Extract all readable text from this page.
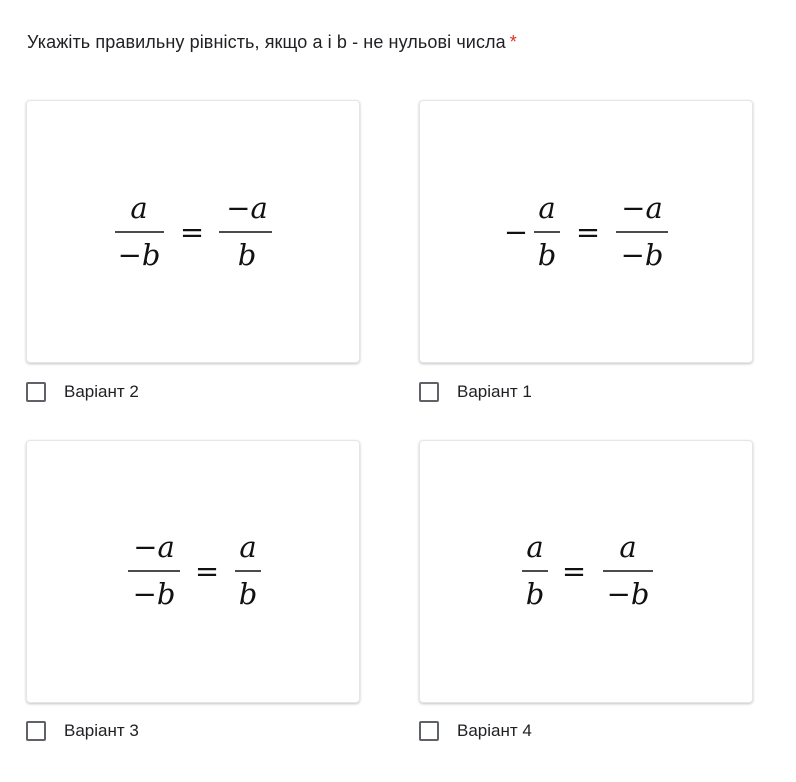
Укажіть правильну рівність, якщо a і b - не нульові числа *
a
−b
=
−a
b
Варіант 2
−
a
b
=
−a
−b
Варіант 1
−a
−b
=
a
b
Варіант 3
a
b
=
a
−b
Варіант 4
